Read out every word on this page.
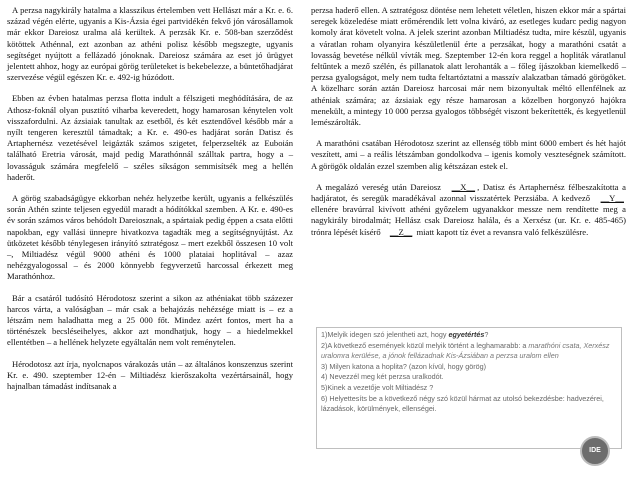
A perzsa nagykirály hatalma a klasszikus értelemben vett Hellászt már a Kr. e. 6. század végén elérte, ugyanis a Kis-Ázsia égei partvidékén fekvő jón városállamok már ekkor Dareiosz uralma alá kerültek. A perzsák Kr. e. 508-ban szerződést kötöttek Athénnal, ezt azonban az athéni polisz később megszegte, ugyanis segítséget nyújtott a fellázadó jónoknak. Dareiosz számára az eset jó ürügyet jelentett ahhoz, hogy az európai görög területeket is bekebelezze, a büntetőhadjárat szervezése végül egészen Kr. e. 492-ig húzódott.

Ebben az évben hatalmas perzsa flotta indult a félszigeti meghódítására, de az Athosz-foknál olyan pusztító viharba keveredett, hogy hamarosan kénytelen volt visszafordulni. Az ázsiaiak tanultak az esetből, és két esztendővel később már a nyílt tengeren keresztül támadtak; a Kr. e. 490-es hadjárat során Datisz és Artaphernész vezetésével leigázták számos szigetet, felperzselték az Euboián található Eretria városát, majd pedig Marathónnál szálltak partra, hogy a – lovasságuk számára megfelelő – széles síkságon semmisítsék meg a hellén haderőt.

A görög szabadságügye ekkorban nehéz helyzetbe került, ugyanis a felkészülés során Athén szinte teljesen egyedül maradt a hódítókkal szemben. A Kr. e. 490-es év során számos város behódolt Dareiosznak, a spártaiak pedig éppen a csata előtti napokban, egy vallási ünnepre hivatkozva tagadták meg a segítségnyújtást. Az ütközetet később ténylegesen irányító sztratégosz – mert ezekből összesen 10 volt –, Miltiadész végül 9000 athéni és 1000 plataiai hoplitával – azaz nehézgyalogossal – és 2000 könnyebb fegyverzetű harcossal érkezett meg Marathónhoz.

Bár a csatáról tudósító Hérodotosz szerint a sikon az athéniakat több százezer harcos várta, a valóságban – már csak a behajózás nehézsége miatt is – ez a létszám nem haladhatta meg a 25 000 főt. Mindez azért fontos, mert ha a történészek becsléseihelyes, akkor azt mondhatjuk, hogy – a hiedelmekkel ellentétben – a hellének helyzete egyáltalán nem volt reménytelen.

Hérodotosz azt írja, nyolcnapos várakozás után – az általános konszenzus szerint Kr. e. 490. szeptember 12-én – Miltiadész kierőszakolta vezértársainál, hogy hajnalban támadást indítsanak a

perzsa haderő ellen. A sztratégosz döntése nem lehetett véletlen, hiszen ekkor már a spártai seregek közeledése miatt erőmérendik lett volna kiváró, az esetleges kudarc pedig nagyon komoly árat követelt volna. A jelek szerint azonban Miltiadész tudta, mire készül, ugyanis a váratlan roham olyanyira készületlenül érte a perzsákat, hogy a marathóni csatát a lovasság bevetése nélkül vívták meg. Szeptember 12-én kora reggel a hopliták váratlanul feltűntek a mező szélén, és pillanatok alatt lerohanták a – főleg íjászokban kiemelkedő – perzsa gyalogságot, mely nem tudta feltartóztatni a masszív alakzatban támadó görögöket. A közelharc során aztán Dareiosz harcosai már nem bizonyultak méltó ellenfélnek az athéniak számára; az ázsiaiak egy része hamarosan a közelben horgonyzó hajókra menekült, a mintegy 10 000 perzsa gyalogos többségét viszont bekerítették, és kegyetlenül lemészárolták.

A marathóni csatában Hérodotosz szerint az ellenség több mint 6000 embert és hét hajót veszített, ami – a reális létszámban gondolkodva – igenis komoly veszteségnek számított. A görögök oldalán ezzel szemben alig kétszázan estek el.

A megalázó vereség után Dareiosz __X__ , Datisz és Artaphernész félbeszakította a hadjáratot, és seregük maradékával azonnal visszatértek Perzsiába. A kedvező __Y__ ellenére bravúrral kivívott athéni győzelem ugyanakkor messze nem rendítette meg a nagykirály birodalmát; Hellász csak Dareiosz halála, és a Xerxész (ur. Kr. e. 485-465) trónra lépését kísérő __Z__ miatt kapott tíz évet a revansra való felkészülésre.

1)Melyik idegen szó jelentheti azt, hogy egyetértés?

2)A következő események közül melyik történt a leghamarabb: a marathóni csata, Xerxész uralomra kerülése, a jónok fellázadnak Kis-Ázsiában a perzsa uralom ellen

3) Milyen katona a hoplita? (azon kívül, hogy görög)

4) Nevezzél meg két perzsa uralkodót.

5)Kinek a vezetője volt Miltiadész ?

6) Helyettesíts be a következő négy szó közül hármat az utolsó bekezdésbe: hadvezérei, lázadások, körülmények, ellenségei.

IDE
